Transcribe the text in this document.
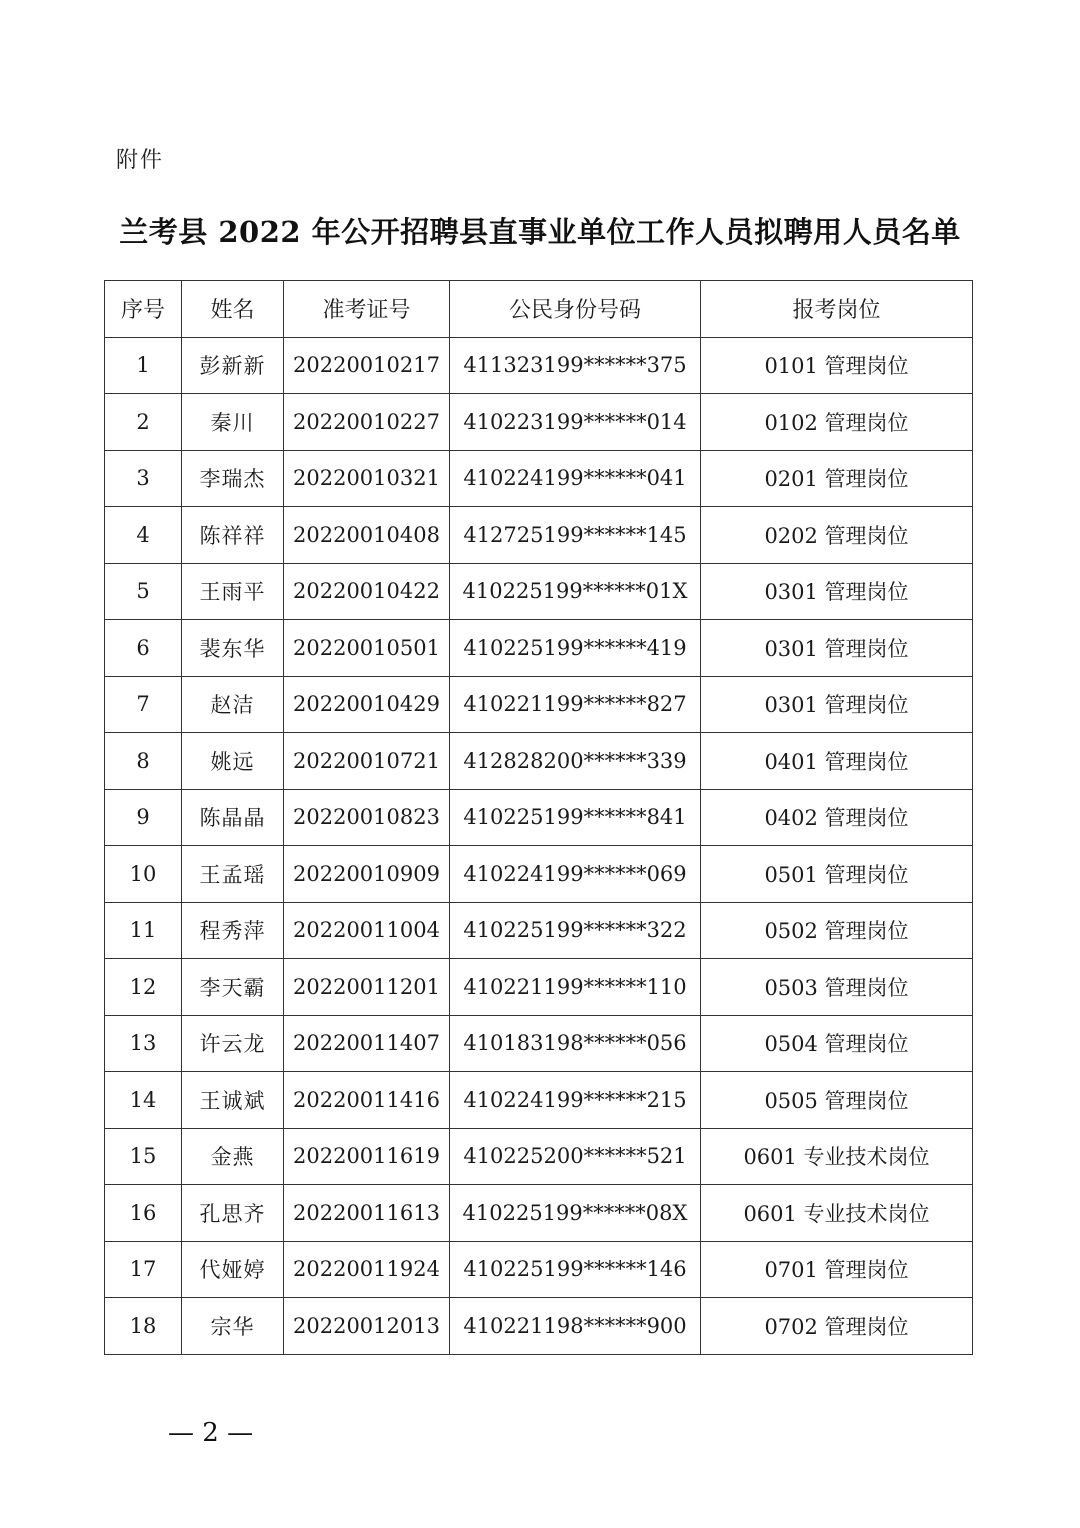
附件
兰考县 2022 年公开招聘县直事业单位工作人员拟聘用人员名单
序号	姓名	准考证号	公民身份号码	报考岗位
1	彭新新	20220010217	411323199******375	0101 管理岗位
2	秦川	20220010227	410223199******014	0102 管理岗位
3	李瑞杰	20220010321	410224199******041	0201 管理岗位
4	陈祥祥	20220010408	412725199******145	0202 管理岗位
5	王雨平	20220010422	410225199******01X	0301 管理岗位
6	裴东华	20220010501	410225199******419	0301 管理岗位
7	赵洁	20220010429	410221199******827	0301 管理岗位
8	姚远	20220010721	412828200******339	0401 管理岗位
9	陈晶晶	20220010823	410225199******841	0402 管理岗位
10	王孟瑶	20220010909	410224199******069	0501 管理岗位
11	程秀萍	20220011004	410225199******322	0502 管理岗位
12	李天霸	20220011201	410221199******110	0503 管理岗位
13	许云龙	20220011407	410183198******056	0504 管理岗位
14	王诚斌	20220011416	410224199******215	0505 管理岗位
15	金燕	20220011619	410225200******521	0601 专业技术岗位
16	孔思齐	20220011613	410225199******08X	0601 专业技术岗位
17	代娅婷	20220011924	410225199******146	0701 管理岗位
18	宗华	20220012013	410221198******900	0702 管理岗位
— 2 —
